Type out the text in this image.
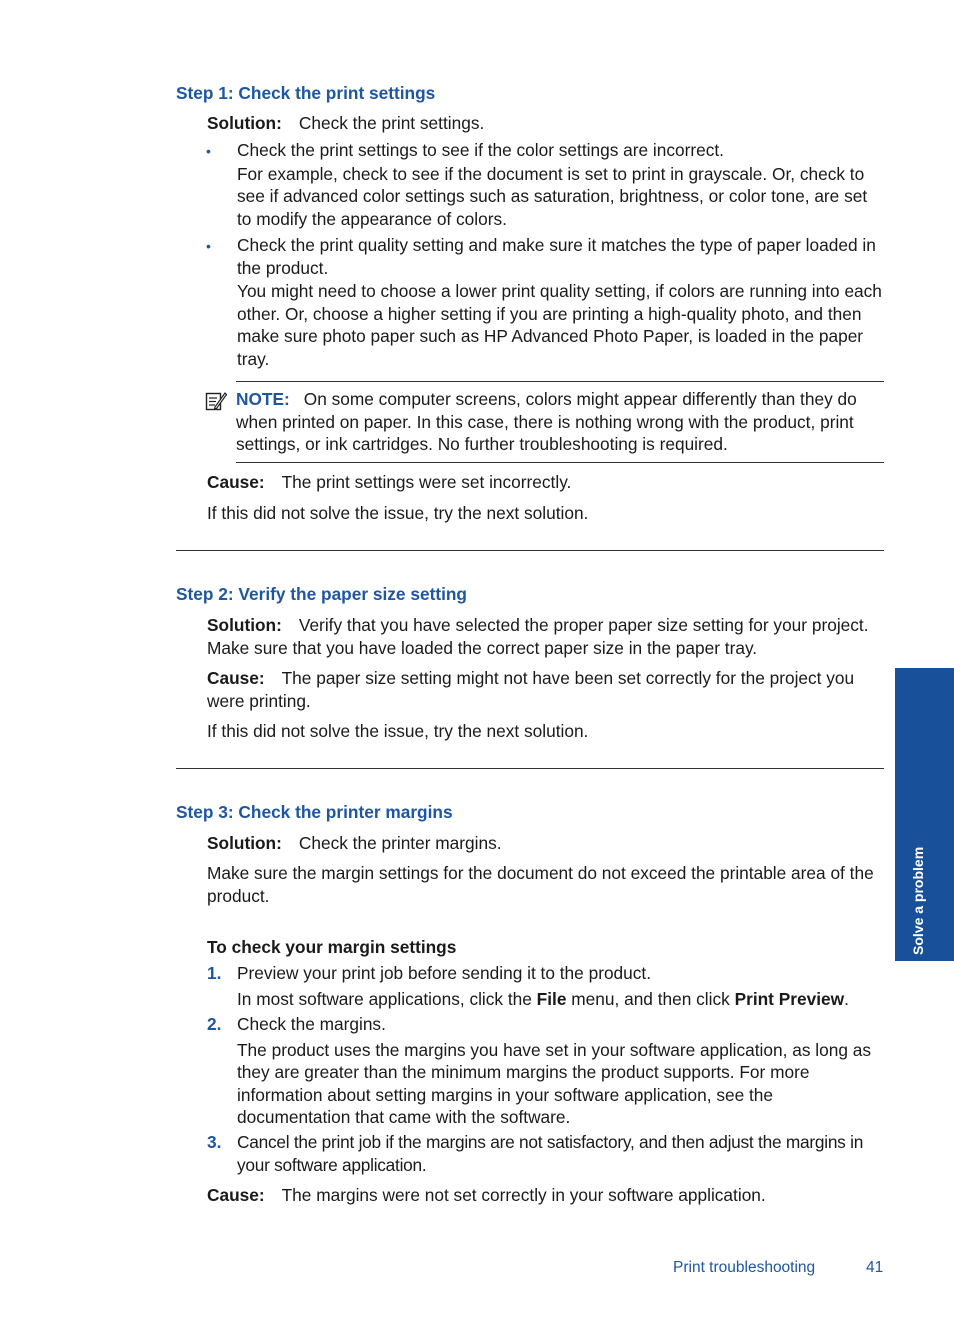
Step 1: Check the print settings
Solution: Check the print settings.
• Check the print settings to see if the color settings are incorrect.
For example, check to see if the document is set to print in grayscale. Or, check to see if advanced color settings such as saturation, brightness, or color tone, are set to modify the appearance of colors.
• Check the print quality setting and make sure it matches the type of paper loaded in the product.
You might need to choose a lower print quality setting, if colors are running into each other. Or, choose a higher setting if you are printing a high-quality photo, and then make sure photo paper such as HP Advanced Photo Paper, is loaded in the paper tray.
NOTE: On some computer screens, colors might appear differently than they do when printed on paper. In this case, there is nothing wrong with the product, print settings, or ink cartridges. No further troubleshooting is required.
Cause: The print settings were set incorrectly.
If this did not solve the issue, try the next solution.
Step 2: Verify the paper size setting
Solution: Verify that you have selected the proper paper size setting for your project. Make sure that you have loaded the correct paper size in the paper tray.
Cause: The paper size setting might not have been set correctly for the project you were printing.
If this did not solve the issue, try the next solution.
Step 3: Check the printer margins
Solution: Check the printer margins.
Make sure the margin settings for the document do not exceed the printable area of the product.
To check your margin settings
1. Preview your print job before sending it to the product.
In most software applications, click the File menu, and then click Print Preview.
2. Check the margins.
The product uses the margins you have set in your software application, as long as they are greater than the minimum margins the product supports. For more information about setting margins in your software application, see the documentation that came with the software.
3. Cancel the print job if the margins are not satisfactory, and then adjust the margins in your software application.
Cause: The margins were not set correctly in your software application.
Solve a problem
Print troubleshooting	41
